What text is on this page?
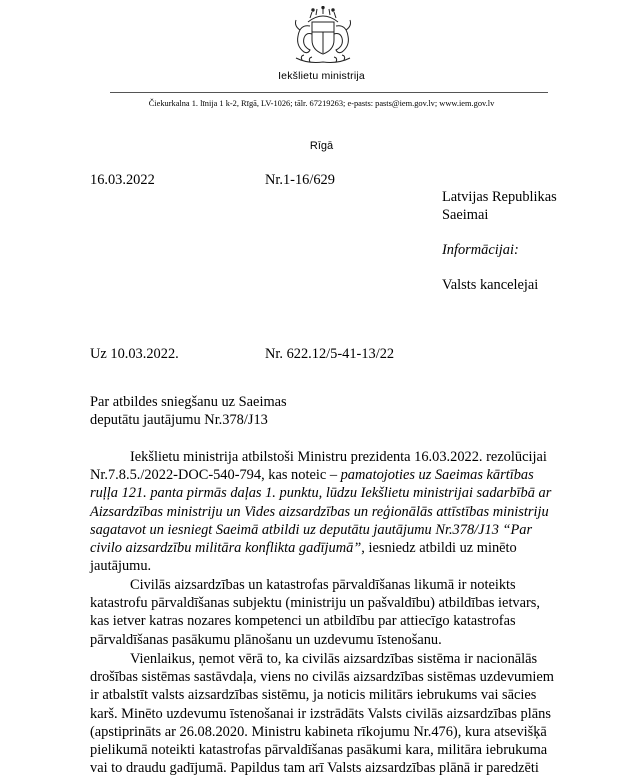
Iekšlietu ministrija
Čiekurkalna 1. līnija 1 k-2, Rīgā, LV-1026; tālr. 67219263; e-pasts: pasts@iem.gov.lv; www.iem.gov.lv
Rīgā
16.03.2022	Nr.1-16/629
Latvijas Republikas
Saeimai
Informācijai:
Valsts kancelejai
Uz 10.03.2022.	Nr. 622.12/5-41-13/22
Par atbildes sniegšanu uz Saeimas
deputātu jautājumu Nr.378/J13
Iekšlietu ministrija atbilstoši Ministru prezidenta 16.03.2022. rezolūcijai
Nr.7.8.5./2022-DOC-540-794, kas noteic – pamatojoties uz Saeimas kārtības
ruļļa 121. panta pirmās daļas 1. punktu, lūdzu Iekšlietu ministrijai sadarbībā ar
Aizsardzības ministriju un Vides aizsardzības un reģionālās attīstības ministriju
sagatavot un iesniegt Saeimā atbildi uz deputātu jautājumu Nr.378/J13 “Par
civilo aizsardzību militāra konflikta gadījumā”, iesniedz atbildi uz minēto
jautājumu.
Civilās aizsardzības un katastrofas pārvaldīšanas likumā ir noteikts
katastrofu pārvaldīšanas subjektu (ministriju un pašvaldību) atbildības ietvars,
kas ietver katras nozares kompetenci un atbildību par attiecīgo katastrofas
pārvaldīšanas pasākumu plānošanu un uzdevumu īstenošanu.
Vienlaikus, ņemot vērā to, ka civilās aizsardzības sistēma ir nacionālās
drošības sistēmas sastāvdaļa, viens no civilās aizsardzības sistēmas uzdevumiem
ir atbalstīt valsts aizsardzības sistēmu, ja noticis militārs iebrukums vai sācies
karš. Minēto uzdevumu īstenošanai ir izstrādāts Valsts civilās aizsardzības plāns
(apstiprināts ar 26.08.2020. Ministru kabineta rīkojumu Nr.476), kura atsevišķā
pielikumā noteikti katastrofas pārvaldīšanas pasākumi kara, militāra iebrukuma
vai to draudu gadījumā. Papildus tam arī Valsts aizsardzības plānā ir paredzēti
